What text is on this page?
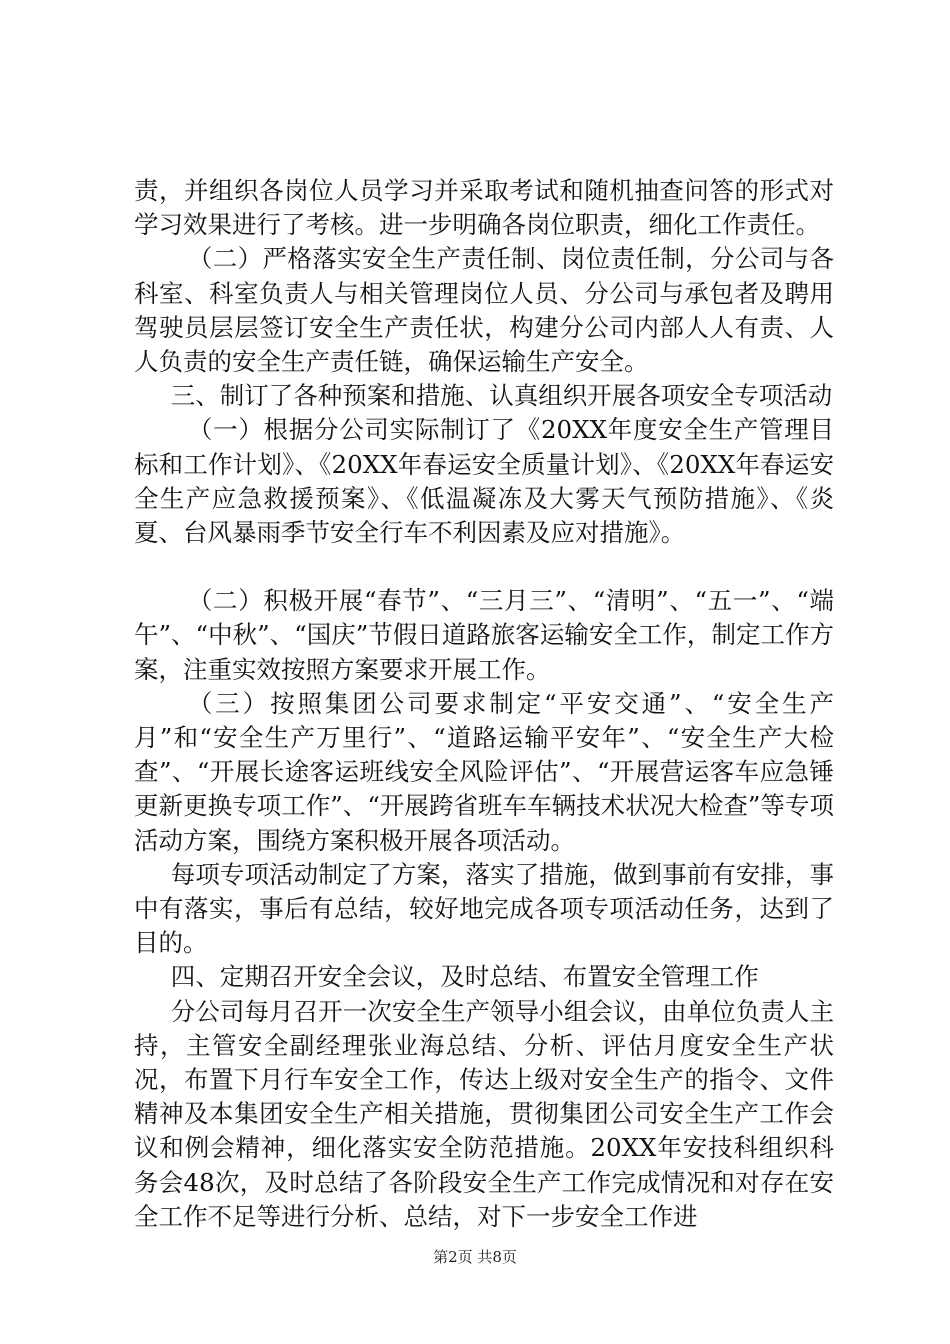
责，并组织各岗位人员学习并采取考试和随机抽查问答的形式对学习效果进行了考核。进一步明确各岗位职责，细化工作责任。

（二）严格落实安全生产责任制、岗位责任制，分公司与各科室、科室负责人与相关管理岗位人员、分公司与承包者及聘用驾驶员层层签订安全生产责任状，构建分公司内部人人有责、人人负责的安全生产责任链，确保运输生产安全。

三、制订了各种预案和措施、认真组织开展各项安全专项活动

（一）根据分公司实际制订了《20XX年度安全生产管理目标和工作计划》、《20XX年春运安全质量计划》、《20XX年春运安全生产应急救援预案》、《低温凝冻及大雾天气预防措施》、《炎夏、台风暴雨季节安全行车不利因素及应对措施》。

（二）积极开展“春节”、“三月三”、“清明”、“五一”、“端午”、“中秋”、“国庆”节假日道路旅客运输安全工作，制定工作方案，注重实效按照方案要求开展工作。

（三）按照集团公司要求制定“平安交通”、“安全生产月”和“安全生产万里行”、“道路运输平安年”、“安全生产大检查”、“开展长途客运班线安全风险评估”、“开展营运客车应急锤更新更换专项工作”、“开展跨省班车车辆技术状况大检查”等专项活动方案，围绕方案积极开展各项活动。

每项专项活动制定了方案，落实了措施，做到事前有安排，事中有落实，事后有总结，较好地完成各项专项活动任务，达到了目的。

四、定期召开安全会议，及时总结、布置安全管理工作

分公司每月召开一次安全生产领导小组会议，由单位负责人主持，主管安全副经理张业海总结、分析、评估月度安全生产状况，布置下月行车安全工作，传达上级对安全生产的指令、文件精神及本集团安全生产相关措施，贯彻集团公司安全生产工作会议和例会精神，细化落实安全防范措施。20XX年安技科组织科务会48次，及时总结了各阶段安全生产工作完成情况和对存在安全工作不足等进行分析、总结，对下一步安全工作进

第2页 共8页
